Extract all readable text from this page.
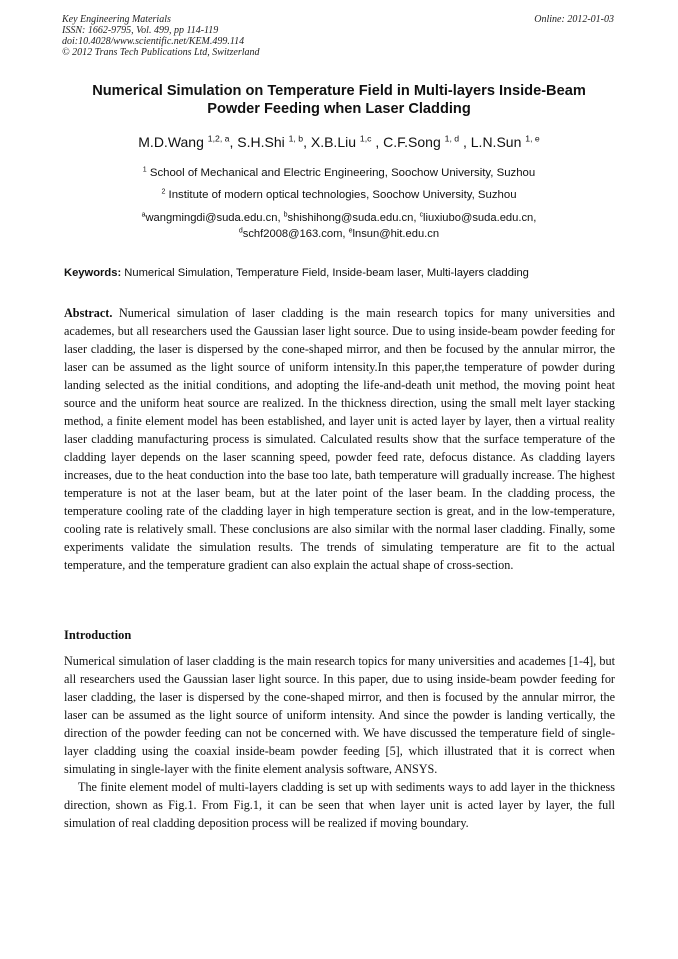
Key Engineering Materials
ISSN: 1662-9795, Vol. 499, pp 114-119
doi:10.4028/www.scientific.net/KEM.499.114
© 2012 Trans Tech Publications Ltd, Switzerland
Online: 2012-01-03
Numerical Simulation on Temperature Field in Multi-layers Inside-Beam
Powder Feeding when Laser Cladding
M.D.Wang $^{1,2, a}$, S.H.Shi $^{1, b}$, X.B.Liu $^{1,c}$ , C.F.Song $^{1, d}$ , L.N.Sun $^{1, e}$
$^1$ School of Mechanical and Electric Engineering, Soochow University, Suzhou
$^2$ Institute of modern optical technologies, Soochow University, Suzhou
$^a$wangmingdi@suda.edu.cn, $^b$shishihong@suda.edu.cn, $^c$liuxiubo@suda.edu.cn,
$^d$schf2008@163.com, $^e$lnsun@hit.edu.cn
Keywords: Numerical Simulation, Temperature Field, Inside-beam laser, Multi-layers cladding
Abstract. Numerical simulation of laser cladding is the main research topics for many universities and academes, but all researchers used the Gaussian laser light source. Due to using inside-beam powder feeding for laser cladding, the laser is dispersed by the cone-shaped mirror, and then be focused by the annular mirror, the laser can be assumed as the light source of uniform intensity.In this paper,the temperature of powder during landing selected as the initial conditions, and adopting the life-and-death unit method, the moving point heat source and the uniform heat source are realized. In the thickness direction, using the small melt layer stacking method, a finite element model has been established, and layer unit is acted layer by layer, then a virtual reality laser cladding manufacturing process is simulated. Calculated results show that the surface temperature of the cladding layer depends on the laser scanning speed, powder feed rate, defocus distance. As cladding layers increases, due to the heat conduction into the base too late, bath temperature will gradually increase. The highest temperature is not at the laser beam, but at the later point of the laser beam. In the cladding process, the temperature cooling rate of the cladding layer in high temperature section is great, and in the low-temperature, cooling rate is relatively small. These conclusions are also similar with the normal laser cladding. Finally, some experiments validate the simulation results. The trends of simulating temperature are fit to the actual temperature, and the temperature gradient can also explain the actual shape of cross-section.
Introduction

Numerical simulation of laser cladding is the main research topics for many universities and academes [1-4], but all researchers used the Gaussian laser light source. In this paper, due to using inside-beam powder feeding for laser cladding, the laser is dispersed by the cone-shaped mirror, and then is focused by the annular mirror, the laser can be assumed as the light source of uniform intensity. And since the powder is landing vertically, the direction of the powder feeding can not be concerned with. We have discussed the temperature field of single-layer cladding using the coaxial inside-beam powder feeding [5], which illustrated that it is correct when simulating in single-layer with the finite element analysis software, ANSYS.

The finite element model of multi-layers cladding is set up with sediments ways to add layer in the thickness direction, shown as Fig.1. From Fig.1, it can be seen that when layer unit is acted layer by layer, the full simulation of real cladding deposition process will be realized if moving boundary.
